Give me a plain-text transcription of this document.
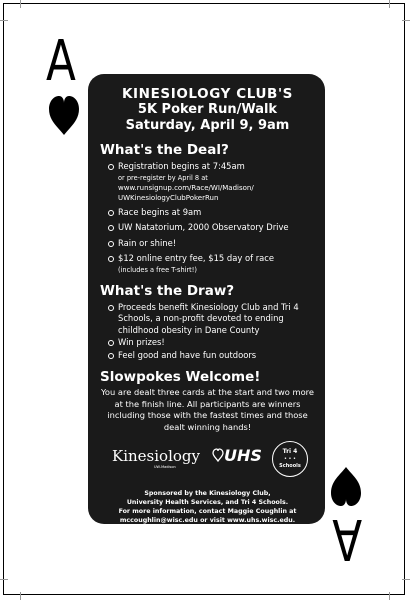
A
A
KINESIOLOGY CLUB'S
5K Poker Run/Walk
Saturday, April 9, 9am
What's the Deal?
Registration begins at 7:45am
or pre-register by April 8 at
www.runsignup.com/Race/WI/Madison/
UWKinesiologyClubPokerRun
Race begins at 9am
UW Natatorium, 2000 Observatory Drive
Rain or shine!
$12 online entry fee, $15 day of race
(includes a free T-shirt!)
What's the Draw?
Proceeds benefit Kinesiology Club and Tri 4 Schools, a non-profit devoted to ending childhood obesity in Dane County
Win prizes!
Feel good and have fun outdoors
Slowpokes Welcome!

You are dealt three cards at the start and two more at the finish line. All participants are winners including those with the fastest times and those dealt winning hands!

Kinesiology
UW-Madison
UHS	Tri 4
• • •
Schools
Sponsored by the Kinesiology Club,
University Health Services, and Tri 4 Schools.
For more information, contact Maggie Coughlin at
mccoughlin@wisc.edu or visit www.uhs.wisc.edu.
